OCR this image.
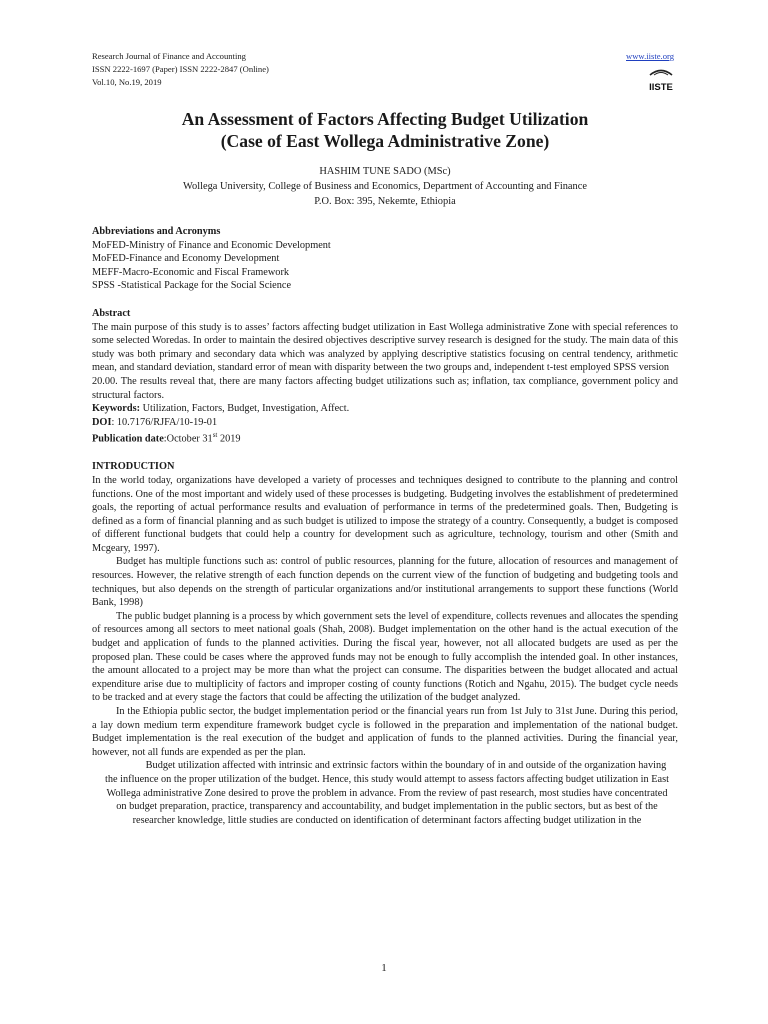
Research Journal of Finance and Accounting
ISSN 2222-1697 (Paper) ISSN 2222-2847 (Online)
Vol.10, No.19, 2019
www.iiste.org
IISTE
An Assessment of Factors Affecting Budget Utilization
(Case of East Wollega Administrative Zone)
HASHIM TUNE SADO (MSc)
Wollega University, College of Business and Economics, Department of Accounting and Finance
P.O. Box: 395, Nekemte, Ethiopia
Abbreviations and Acronyms
MoFED-Ministry of Finance and Economic Development
MoFED-Finance and Economy Development
MEFF-Macro-Economic and Fiscal Framework
SPSS -Statistical Package for the Social Science
Abstract
The main purpose of this study is to asses’ factors affecting budget utilization in East Wollega administrative Zone with special references to some selected Woredas. In order to maintain the desired objectives descriptive survey research is designed for the study. The main data of this study was both primary and secondary data which was analyzed by applying descriptive statistics focusing on central tendency, arithmetic mean, and standard deviation, standard error of mean with disparity between the two groups and, independent t-test employed SPSS version
20.00. The results reveal that, there are many factors affecting budget utilizations such as; inflation, tax compliance, government policy and structural factors.
Keywords: Utilization, Factors, Budget, Investigation, Affect.
DOI: 10.7176/RJFA/10-19-01
Publication date:October 31st 2019
INTRODUCTION
In the world today, organizations have developed a variety of processes and techniques designed to contribute to the planning and control functions. One of the most important and widely used of these processes is budgeting. Budgeting involves the establishment of predetermined goals, the reporting of actual performance results and evaluation of performance in terms of the predetermined goals. Then, Budgeting is defined as a form of financial planning and as such budget is utilized to impose the strategy of a country. Consequently, a budget is composed of different functional budgets that could help a country for development such as agriculture, technology, tourism and other (Smith and Mcgeary, 1997).
Budget has multiple functions such as: control of public resources, planning for the future, allocation of resources and management of resources. However, the relative strength of each function depends on the current view of the function of budgeting and budgeting tools and techniques, but also depends on the strength of particular organizations and/or institutional arrangements to support these functions (World Bank, 1998)
The public budget planning is a process by which government sets the level of expenditure, collects revenues and allocates the spending of resources among all sectors to meet national goals (Shah, 2008). Budget implementation on the other hand is the actual execution of the budget and application of funds to the planned activities. During the fiscal year, however, not all allocated budgets are used as per the proposed plan. These could be cases where the approved funds may not be enough to fully accomplish the intended goal. In other instances, the amount allocated to a project may be more than what the project can consume. The disparities between the budget allocated and actual expenditure arise due to multiplicity of factors and improper costing of county functions (Rotich and Ngahu, 2015). The budget cycle needs to be tracked and at every stage the factors that could be affecting the utilization of the budget analyzed.
In the Ethiopia public sector, the budget implementation period or the financial years run from 1st July to 31st June. During this period, a lay down medium term expenditure framework budget cycle is followed in the preparation and implementation of the national budget. Budget implementation is the real execution of the budget and application of funds to the planned activities. During the financial year, however, not all funds are expended as per the plan.
Budget utilization affected with intrinsic and extrinsic factors within the boundary of in and outside of the organization having the influence on the proper utilization of the budget. Hence, this study would attempt to assess factors affecting budget utilization in East Wollega administrative Zone desired to prove the problem in advance. From the review of past research, most studies have concentrated on budget preparation, practice, transparency and accountability, and budget implementation in the public sectors, but as best of the researcher knowledge, little studies are conducted on identification of determinant factors affecting budget utilization in the
1
